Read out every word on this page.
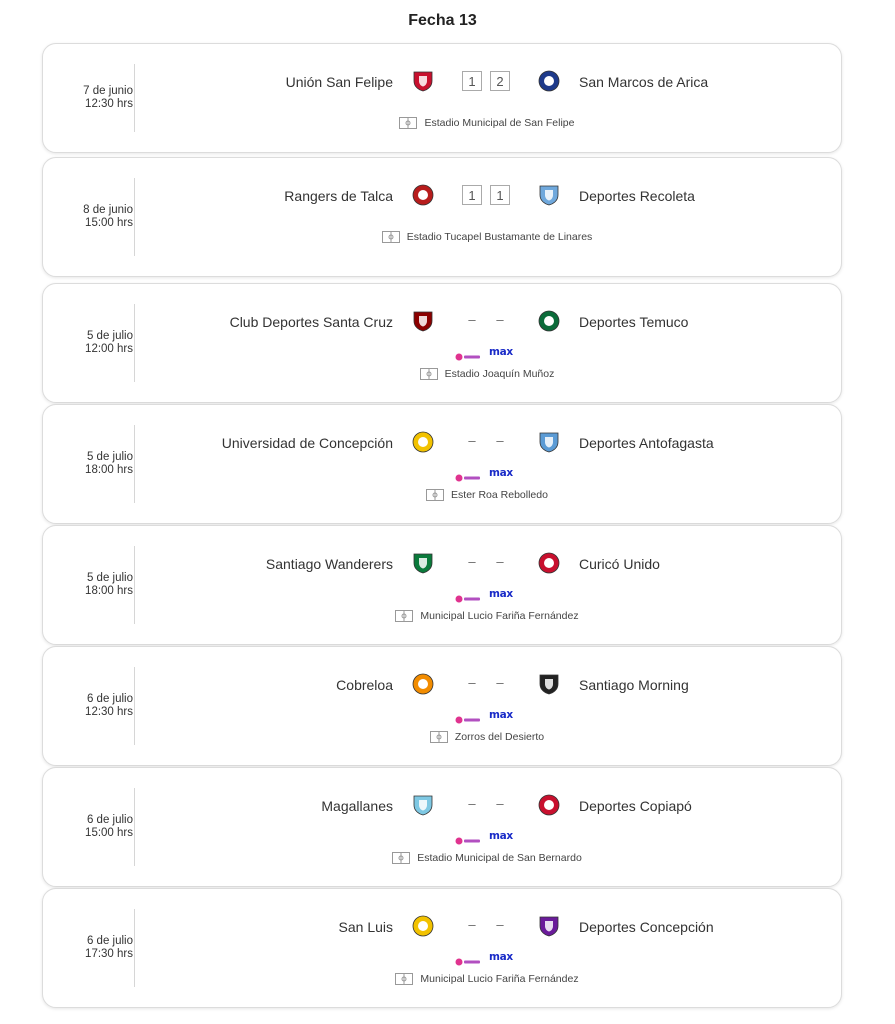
Fecha 13
7 de junio
12:30 hrs
Unión San Felipe	1	2	San Marcos de Arica
Estadio Municipal de San Felipe
8 de junio
15:00 hrs
Rangers de Talca	1	1	Deportes Recoleta
Estadio Tucapel Bustamante de Linares
5 de julio
12:00 hrs
Club Deportes Santa Cruz	–	–	Deportes Temuco
max
Estadio Joaquín Muñoz
5 de julio
18:00 hrs
Universidad de Concepción	–	–	Deportes Antofagasta
max
Ester Roa Rebolledo
5 de julio
18:00 hrs
Santiago Wanderers	–	–	Curicó Unido
max
Municipal Lucio Fariña Fernández
6 de julio
12:30 hrs
Cobreloa	–	–	Santiago Morning
max
Zorros del Desierto
6 de julio
15:00 hrs
Magallanes	–	–	Deportes Copiapó
max
Estadio Municipal de San Bernardo
6 de julio
17:30 hrs
San Luis	–	–	Deportes Concepción
max
Municipal Lucio Fariña Fernández
